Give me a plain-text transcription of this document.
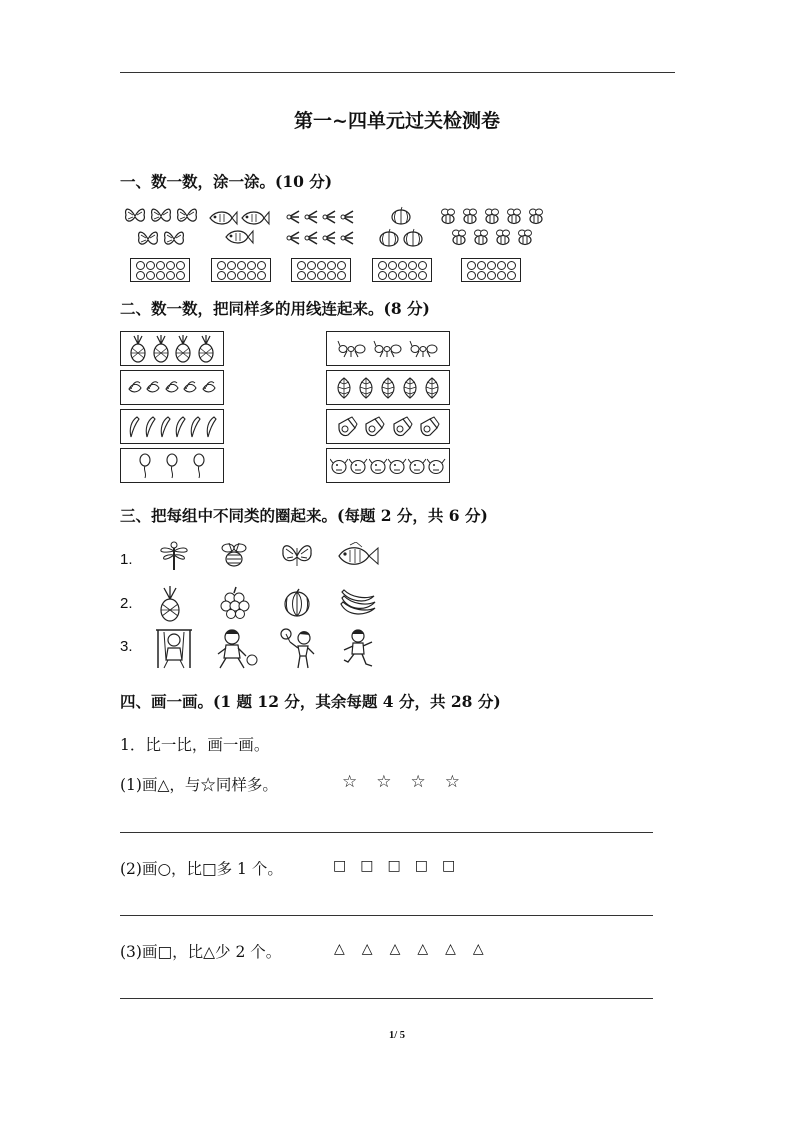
第一~四单元过关检测卷
一、数一数，涂一涂。(10 分)
二、数一数，把同样多的用线连起来。(8 分)
三、把每组中不同类的圈起来。(每题 2 分，共 6 分)
1.
2.
3.
四、画一画。(1 题 12 分，其余每题 4 分，共 28 分)
1．比一比，画一画。
(1)画△，与☆同样多。	☆ ☆ ☆ ☆
(2)画○，比□多 1 个。	□ □ □ □ □
(3)画□，比△少 2 个。	△ △ △ △ △ △
1/ 5
